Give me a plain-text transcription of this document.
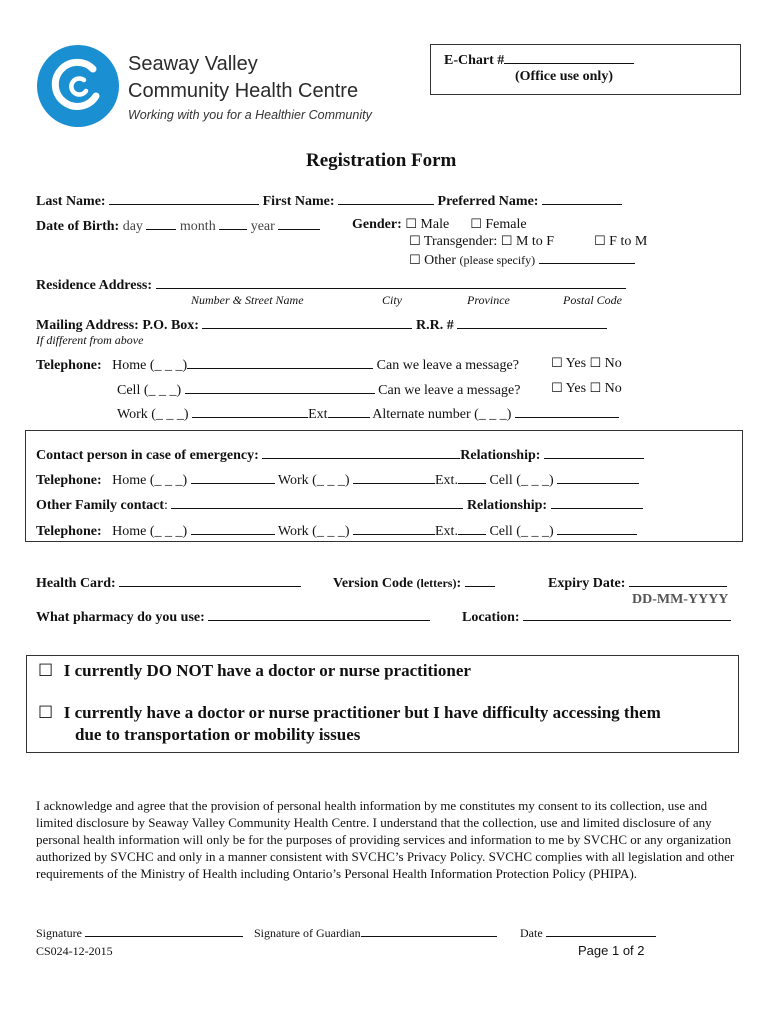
Seaway Valley
Community Health Centre
Working with you for a Healthier Community
E-Chart #
(Office use only)
Registration Form
Last Name:	First Name:	Preferred Name:
Date of Birth: day	month	year	Gender: ☐ Male ☐ Female
☐ Transgender: ☐ M to F	☐ F to M
☐ Other (please specify)
Residence Address:
Number & Street Name	City	Province	Postal Code
Mailing Address: P.O. Box:	R.R. #
If different from above
Telephone: Home (_ _ _)	Can we leave a message? ☐ Yes ☐ No
Cell (_ _ _)	Can we leave a message? ☐ Yes ☐ No
Work (_ _ _)	Ext	Alternate number (_ _ _)
Contact person in case of emergency:	Relationship:
Telephone: Home (_ _ _)	Work (_ _ _)	Ext. Cell (_ _ _)
Other Family contact:	Relationship:
Telephone: Home (_ _ _)	Work (_ _ _)	Ext. Cell (_ _ _)
Health Card:	Version Code (letters):	Expiry Date:
DD-MM-YYYY
What pharmacy do you use:	Location:
☐ I currently DO NOT have a doctor or nurse practitioner
☐ I currently have a doctor or nurse practitioner but I have difficulty accessing them
due to transportation or mobility issues
I acknowledge and agree that the provision of personal health information by me constitutes my consent to its collection, use and limited disclosure by Seaway Valley Community Health Centre. I understand that the collection, use and limited disclosure of any personal health information will only be for the purposes of providing services and information to me by SVCHC or any organization authorized by SVCHC and only in a manner consistent with SVCHC’s Privacy Policy. SVCHC complies with all legislation and other requirements of the Ministry of Health including Ontario’s Personal Health Information Protection Policy (PHIPA).
Signature	Signature of Guardian	Date
CS024-12-2015	Page 1 of 2
